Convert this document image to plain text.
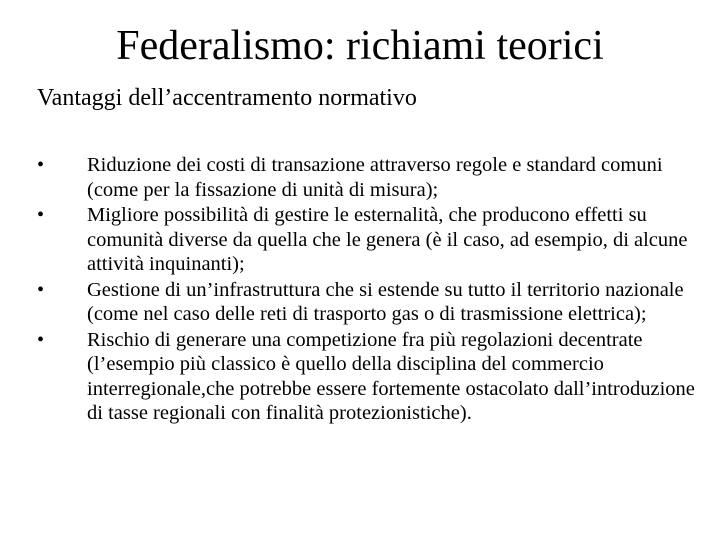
Federalismo: richiami teorici
Vantaggi dell’accentramento normativo
•	Riduzione dei costi di transazione attraverso regole e standard comuni (come per la fissazione di unità di misura);
•	Migliore possibilità di gestire le esternalità, che producono effetti su comunità diverse da quella che le genera (è il caso, ad esempio, di alcune attività inquinanti);
•	Gestione di un’infrastruttura che si estende su tutto il territorio nazionale (come nel caso delle reti di trasporto gas o di trasmissione elettrica);
•	Rischio di generare una competizione fra più regolazioni decentrate (l’esempio più classico è quello della disciplina del commercio interregionale,che potrebbe essere fortemente ostacolato dall’introduzione di tasse regionali con finalità protezionistiche).
